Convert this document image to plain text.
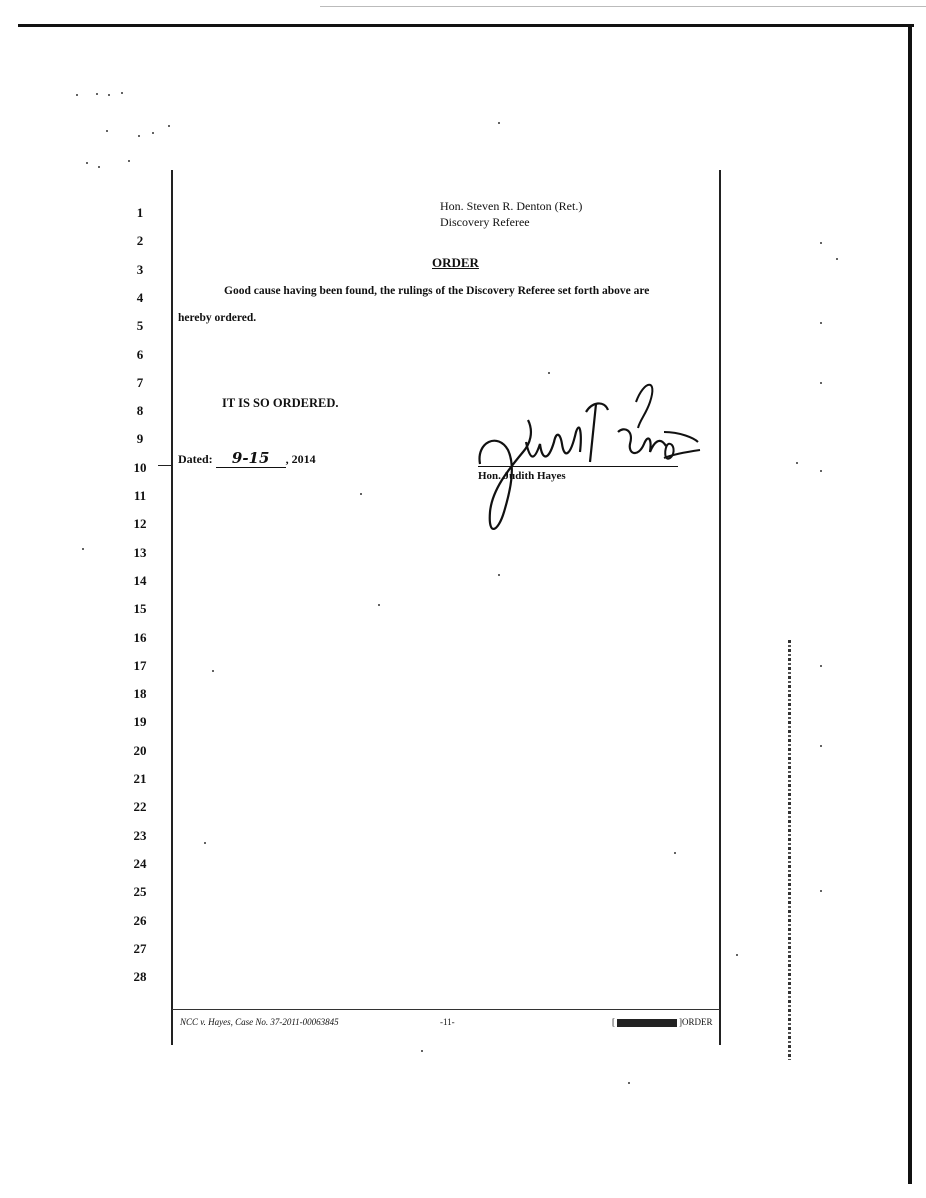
1
2
3
4
5
6
7
8
9
10
11
12
13
14
15
16
17
18
19
20
21
22
23
24
25
26
27
28
Hon. Steven R. Denton (Ret.)
Discovery Referee
ORDER
Good cause having been found, the rulings of the Discovery Referee set forth above are
hereby ordered.
IT IS SO ORDERED.
Dated: 9-15 , 2014
Hon. Judith Hayes
NCC v. Hayes, Case No. 37-2011-00063845	-11-	[	]ORDER
